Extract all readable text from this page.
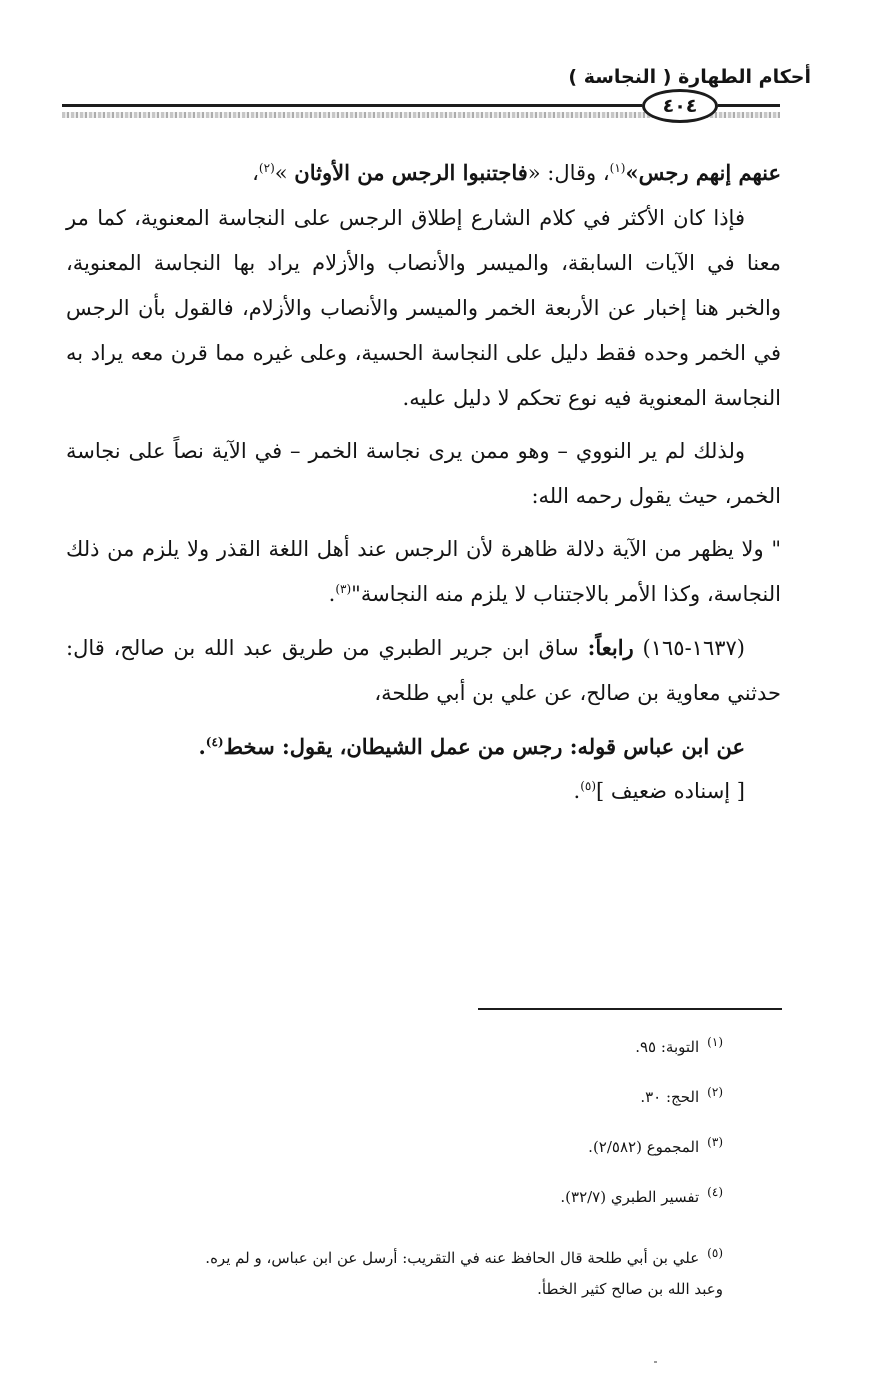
أحكام الطهارة ( النجاسة )
٤٠٤

عنهم إنهم رجس»$^{(١)}$، وقال: «فاجتنبوا الرجس من الأوثان »$^{(٢)}$،

فإذا كان الأكثر في كلام الشارع إطلاق الرجس على النجاسة المعنوية، كما مر معنا في الآيات السابقة، والميسر والأنصاب والأزلام يراد بها النجاسة المعنوية، والخبر هنا إخبار عن الأربعة الخمر والميسر والأنصاب والأزلام، فالقول بأن الرجس في الخمر وحده فقط دليل على النجاسة الحسية، وعلى غيره مما قرن معه يراد به النجاسة المعنوية فيه نوع تحكم لا دليل عليه.

ولذلك لم ير النووي – وهو ممن يرى نجاسة الخمر – في الآية نصاً على نجاسة الخمر، حيث يقول رحمه الله:

" ولا يظهر من الآية دلالة ظاهرة لأن الرجس عند أهل اللغة القذر ولا يلزم من ذلك النجاسة، وكذا الأمر بالاجتناب لا يلزم منه النجاسة"$^{(٣)}$.

(١٦٣٧-١٦٥) رابعاً: ساق ابن جرير الطبري من طريق عبد الله بن صالح، قال: حدثني معاوية بن صالح، عن علي بن أبي طلحة،

عن ابن عباس قوله: رجس من عمل الشيطان، يقول: سخط$^{(٤)}$.

[ إسناده ضعيف ]$^{(٥)}$.

$^{(١)}$التوبة: ٩٥.

$^{(٢)}$الحج: ٣٠.

$^{(٣)}$المجموع (٢/٥٨٢).

$^{(٤)}$تفسير الطبري (٣٢/٧).

$^{(٥)}$علي بن أبي طلحة قال الحافظ عنه في التقريب: أرسل عن ابن عباس، و لم يره.

وعبد الله بن صالح كثير الخطأ.
